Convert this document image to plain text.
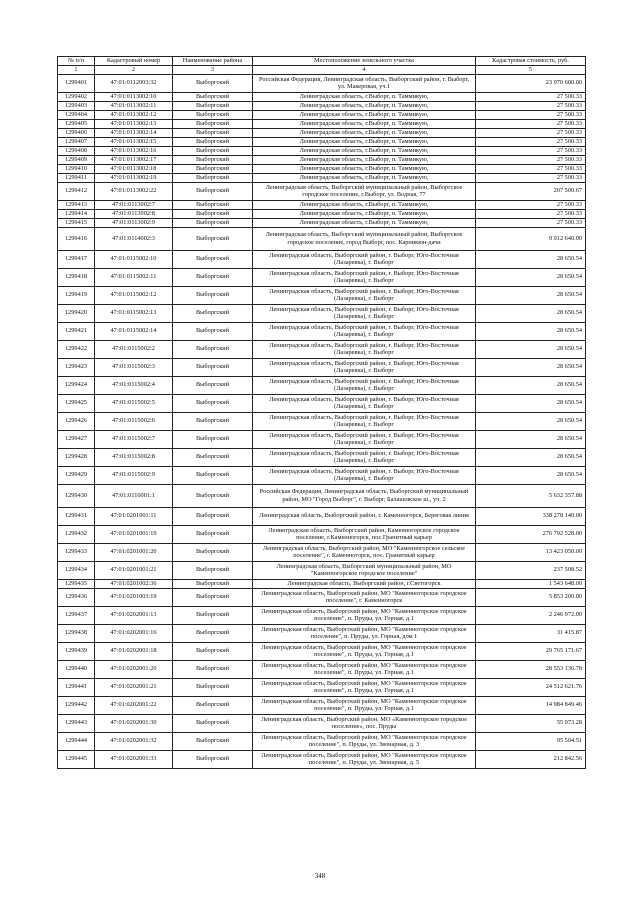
№ п/п	Кадастровый номер	Наименование района	Местоположение земельного участка	Кадастровая стоимость, руб.
1	2	3	4	5
1299401	47:01:0112003:32	Выборгский	Российская Федерация, Ленинградская область, Выборгский район, г. Выборг, ул. Макеровая, уч.1	23 970 600.00
1299402	47:01:0113002:10	Выборгский	Ленинградская область, г.Выборг, п. Таммикую,	27 500.33
1299403	47:01:0113002:11	Выборгский	Ленинградская область, г.Выборг, п. Таммикую,	27 500.33
1299404	47:01:0113002:12	Выборгский	Ленинградская область, г.Выборг, п. Таммикую,	27 500.33
1299405	47:01:0113002:13	Выборгский	Ленинградская область, г.Выборг, п. Таммикую,	27 500.33
1299406	47:01:0113002:14	Выборгский	Ленинградская область, г.Выборг, п. Таммикую,	27 500.33
1299407	47:01:0113002:15	Выборгский	Ленинградская область, г.Выборг, п. Таммикую,	27 500.33
1299408	47:01:0113002:16	Выборгский	Ленинградская область, г.Выборг, п. Таммикую,	27 500.33
1299409	47:01:0113002:17	Выборгский	Ленинградская область, г.Выборг, п. Таммикую,	27 500.33
1299410	47:01:0113002:18	Выборгский	Ленинградская область, г.Выборг, п. Таммикую,	27 500.33
1299411	47:01:0113002:19	Выборгский	Ленинградская область, г.Выборг, п. Таммикую,	27 500.33
1299412	47:01:0113002:22	Выборгский	Ленинградская область, Выборгский муниципальный район, Выборгское городское поселение, г.Выборг, ул. Водная, 77	207 500.67
1299413	47:01:0113002:7	Выборгский	Ленинградская область, г.Выборг, п. Таммикую,	27 500.33
1299414	47:01:0113002:8	Выборгский	Ленинградская область, г.Выборг, п. Таммикую,	27 500.33
1299415	47:01:0113002:9	Выборгский	Ленинградская область, г.Выборг, п. Таммикую,	27 500.33
1299416	47:01:0114002:3	Выборгский	Ленинградская область, Выборгский муниципальный район, Выборгское городское поселение, город Выборг, пос. Карпикюн-дачи	9 912 640.00
1299417	47:01:0115002:10	Выборгский	Ленинградская область, Выборгский район, г. Выборг, Юго-Восточная (Лазаревка), г. Выборг	28 650.54
1299418	47:01:0115002:11	Выборгский	Ленинградская область, Выборгский район, г. Выборг, Юго-Восточная (Лазаревка), г. Выборг	28 650.54
1299419	47:01:0115002:12	Выборгский	Ленинградская область, Выборгский район, г. Выборг, Юго-Восточная (Лазаревка), г. Выборг	28 650.54
1299420	47:01:0115002:13	Выборгский	Ленинградская область, Выборгский район, г. Выборг, Юго-Восточная (Лазаревка), г. Выборг	28 650.54
1299421	47:01:0115002:14	Выборгский	Ленинградская область, Выборгский район, г. Выборг, Юго-Восточная (Лазаревка), г. Выборг	28 650.54
1299422	47:01:0115002:2	Выборгский	Ленинградская область, Выборгский район, г. Выборг, Юго-Восточная (Лазаревка), г. Выборг	28 650.54
1299423	47:01:0115002:3	Выборгский	Ленинградская область, Выборгский район, г. Выборг, Юго-Восточная (Лазаревка), г. Выборг	28 650.54
1299424	47:01:0115002:4	Выборгский	Ленинградская область, Выборгский район, г. Выборг, Юго-Восточная (Лазаревка), г. Выборг	28 650.54
1299425	47:01:0115002:5	Выборгский	Ленинградская область, Выборгский район, г. Выборг, Юго-Восточная (Лазаревка), г. Выборг	28 650.54
1299426	47:01:0115002:6	Выборгский	Ленинградская область, Выборгский район, г. Выборг, Юго-Восточная (Лазаревка), г. Выборг	28 650.54
1299427	47:01:0115002:7	Выборгский	Ленинградская область, Выборгский район, г. Выборг, Юго-Восточная (Лазаревка), г. Выборг	28 650.54
1299428	47:01:0115002:8	Выборгский	Ленинградская область, Выборгский район, г. Выборг, Юго-Восточная (Лазаревка), г. Выборг	28 650.54
1299429	47:01:0115002:9	Выборгский	Ленинградская область, Выборгский район, г. Выборг, Юго-Восточная (Лазаревка), г. Выборг	28 650.54
1299430	47:01:0116001:1	Выборгский	Российская Федерация, Ленинградская область, Выборгский муниципальный район, МО "Город Выборг", г. Выборг, Балашовское ш., уч. 2	5 632 357.88
1299431	47:01:0201001:11	Выборгский	Ленинградская область, Выборгский район, г. Каменногорск, Береговая линия	338 278 140.00
1299432	47:01:0201001:19	Выборгский	Ленинградская область, Выборгский район, Каменногорское городское поселение, г.Каменногорск, пос.Гранитный карьер	276 792 528.00
1299433	47:01:0201001:20	Выборгский	Ленинградская область, Выборгский район, МО "Каменногорское сельское поселение", г. Каменногорск, пос. Гранитный карьер	13 423 050.00
1299434	47:01:0201001:21	Выборгский	Ленинградская область, Выборгский муниципальный район, МО "Каменногорское городское поселение"	237 508.52
1299435	47:01:0201002:36	Выборгский	Ленинградская область, Выборгский район, г.Светогорск	1 543 648.00
1299436	47:01:0201003:19	Выборгский	Ленинградская область, Выборгский район, МО "Каменногорское городское поселение", г. Каменногорск	5 853 200.00
1299437	47:01:0202001:13	Выборгский	Ленинградская область, Выборгский район, МО "Каменногорское городское поселение", п. Пруды, ул. Горная, д.1	2 246 972.00
1299438	47:01:0202001:16	Выборгский	Ленинградская область, Выборгский район, МО "Каменногорское городское поселение", п. Пруды, ул. Горная, дом 1	31 415.87
1299439	47:01:0202001:18	Выборгский	Ленинградская область, Выборгский район, МО "Каменногорское городское поселение", п. Пруды, ул. Горная, д.1	29 765 171.67
1299440	47:01:0202001:20	Выборгский	Ленинградская область, Выборгский район, МО "Каменногорское городское поселение", п. Пруды, ул. Горная, д.1	28 553 136.78
1299441	47:01:0202001:21	Выборгский	Ленинградская область, Выборгский район, МО "Каменногорское городское поселение", п. Пруды, ул. Горная, д.1	24 512 621.76
1299442	47:01:0202001:22	Выборгский	Ленинградская область, Выборгский район, МО "Каменногорское городское поселение", п. Пруды, ул. Горная, д.1	14 984 849.46
1299443	47:01:0202001:30	Выборгский	Ленинградская область, Выборгский район, МО «Каменногорское городское поселение», пос. Пруды	55 073.28
1299444	47:01:0202001:32	Выборгский	Ленинградская область, Выборгский район, МО "Каменногорское городское поселение", п. Пруды, ул. Звонарная, д. 3	95 504.51
1299445	47:01:0202001:33	Выборгский	Ленинградская область, Выборгский район, МО "Каменногорское городское поселение", п. Пруды, ул. Звонарная, д. 5	212 842.56
348
